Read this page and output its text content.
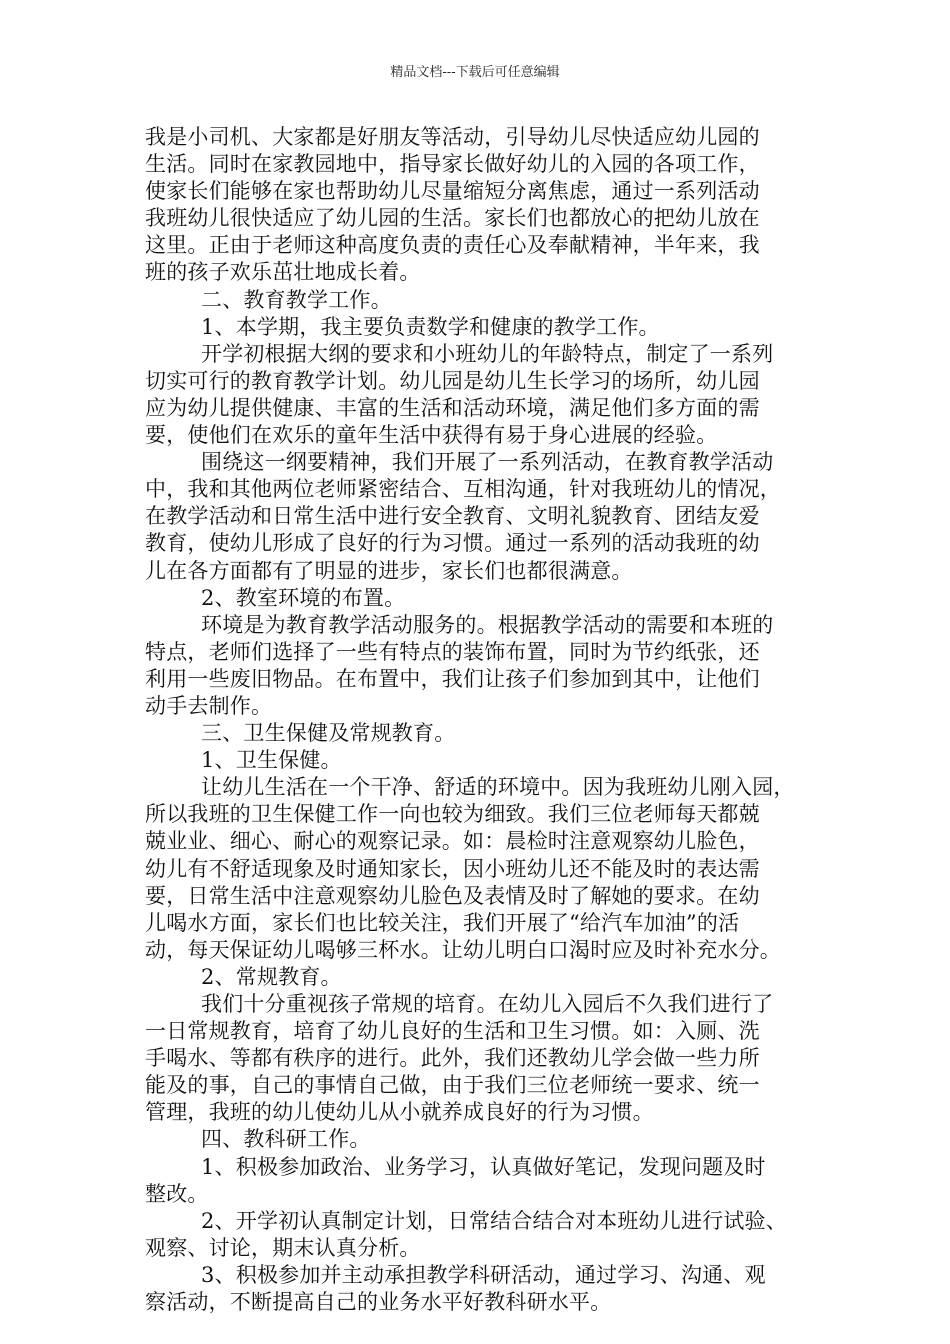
精品文档---下载后可任意编辑
我是小司机、大家都是好朋友等活动，引导幼儿尽快适应幼儿园的
生活。同时在家教园地中，指导家长做好幼儿的入园的各项工作，
使家长们能够在家也帮助幼儿尽量缩短分离焦虑，通过一系列活动
我班幼儿很快适应了幼儿园的生活。家长们也都放心的把幼儿放在
这里。正由于老师这种高度负责的责任心及奉献精神，半年来，我
班的孩子欢乐茁壮地成长着。
二、教育教学工作。
1、本学期，我主要负责数学和健康的教学工作。
开学初根据大纲的要求和小班幼儿的年龄特点，制定了一系列
切实可行的教育教学计划。幼儿园是幼儿生长学习的场所，幼儿园
应为幼儿提供健康、丰富的生活和活动环境，满足他们多方面的需
要，使他们在欢乐的童年生活中获得有易于身心进展的经验。
围绕这一纲要精神，我们开展了一系列活动，在教育教学活动
中，我和其他两位老师紧密结合、互相沟通，针对我班幼儿的情况，
在教学活动和日常生活中进行安全教育、文明礼貌教育、团结友爱
教育，使幼儿形成了良好的行为习惯。通过一系列的活动我班的幼
儿在各方面都有了明显的进步，家长们也都很满意。
2、教室环境的布置。
环境是为教育教学活动服务的。根据教学活动的需要和本班的
特点，老师们选择了一些有特点的装饰布置，同时为节约纸张，还
利用一些废旧物品。在布置中，我们让孩子们参加到其中，让他们
动手去制作。
三、卫生保健及常规教育。
1、卫生保健。
让幼儿生活在一个干净、舒适的环境中。因为我班幼儿刚入园，
所以我班的卫生保健工作一向也较为细致。我们三位老师每天都兢
兢业业、细心、耐心的观察记录。如：晨检时注意观察幼儿脸色，
幼儿有不舒适现象及时通知家长，因小班幼儿还不能及时的表达需
要，日常生活中注意观察幼儿脸色及表情及时了解她的要求。在幼
儿喝水方面，家长们也比较关注，我们开展了“给汽车加油”的活
动，每天保证幼儿喝够三杯水。让幼儿明白口渴时应及时补充水分。
2、常规教育。
我们十分重视孩子常规的培育。在幼儿入园后不久我们进行了
一日常规教育，培育了幼儿良好的生活和卫生习惯。如：入厕、洗
手喝水、等都有秩序的进行。此外，我们还教幼儿学会做一些力所
能及的事，自己的事情自己做，由于我们三位老师统一要求、统一
管理，我班的幼儿使幼儿从小就养成良好的行为习惯。
四、教科研工作。
1、积极参加政治、业务学习，认真做好笔记，发现问题及时
整改。
2、开学初认真制定计划，日常结合结合对本班幼儿进行试验、
观察、讨论，期末认真分析。
3、积极参加并主动承担教学科研活动，通过学习、沟通、观
察活动，不断提高自己的业务水平好教科研水平。
